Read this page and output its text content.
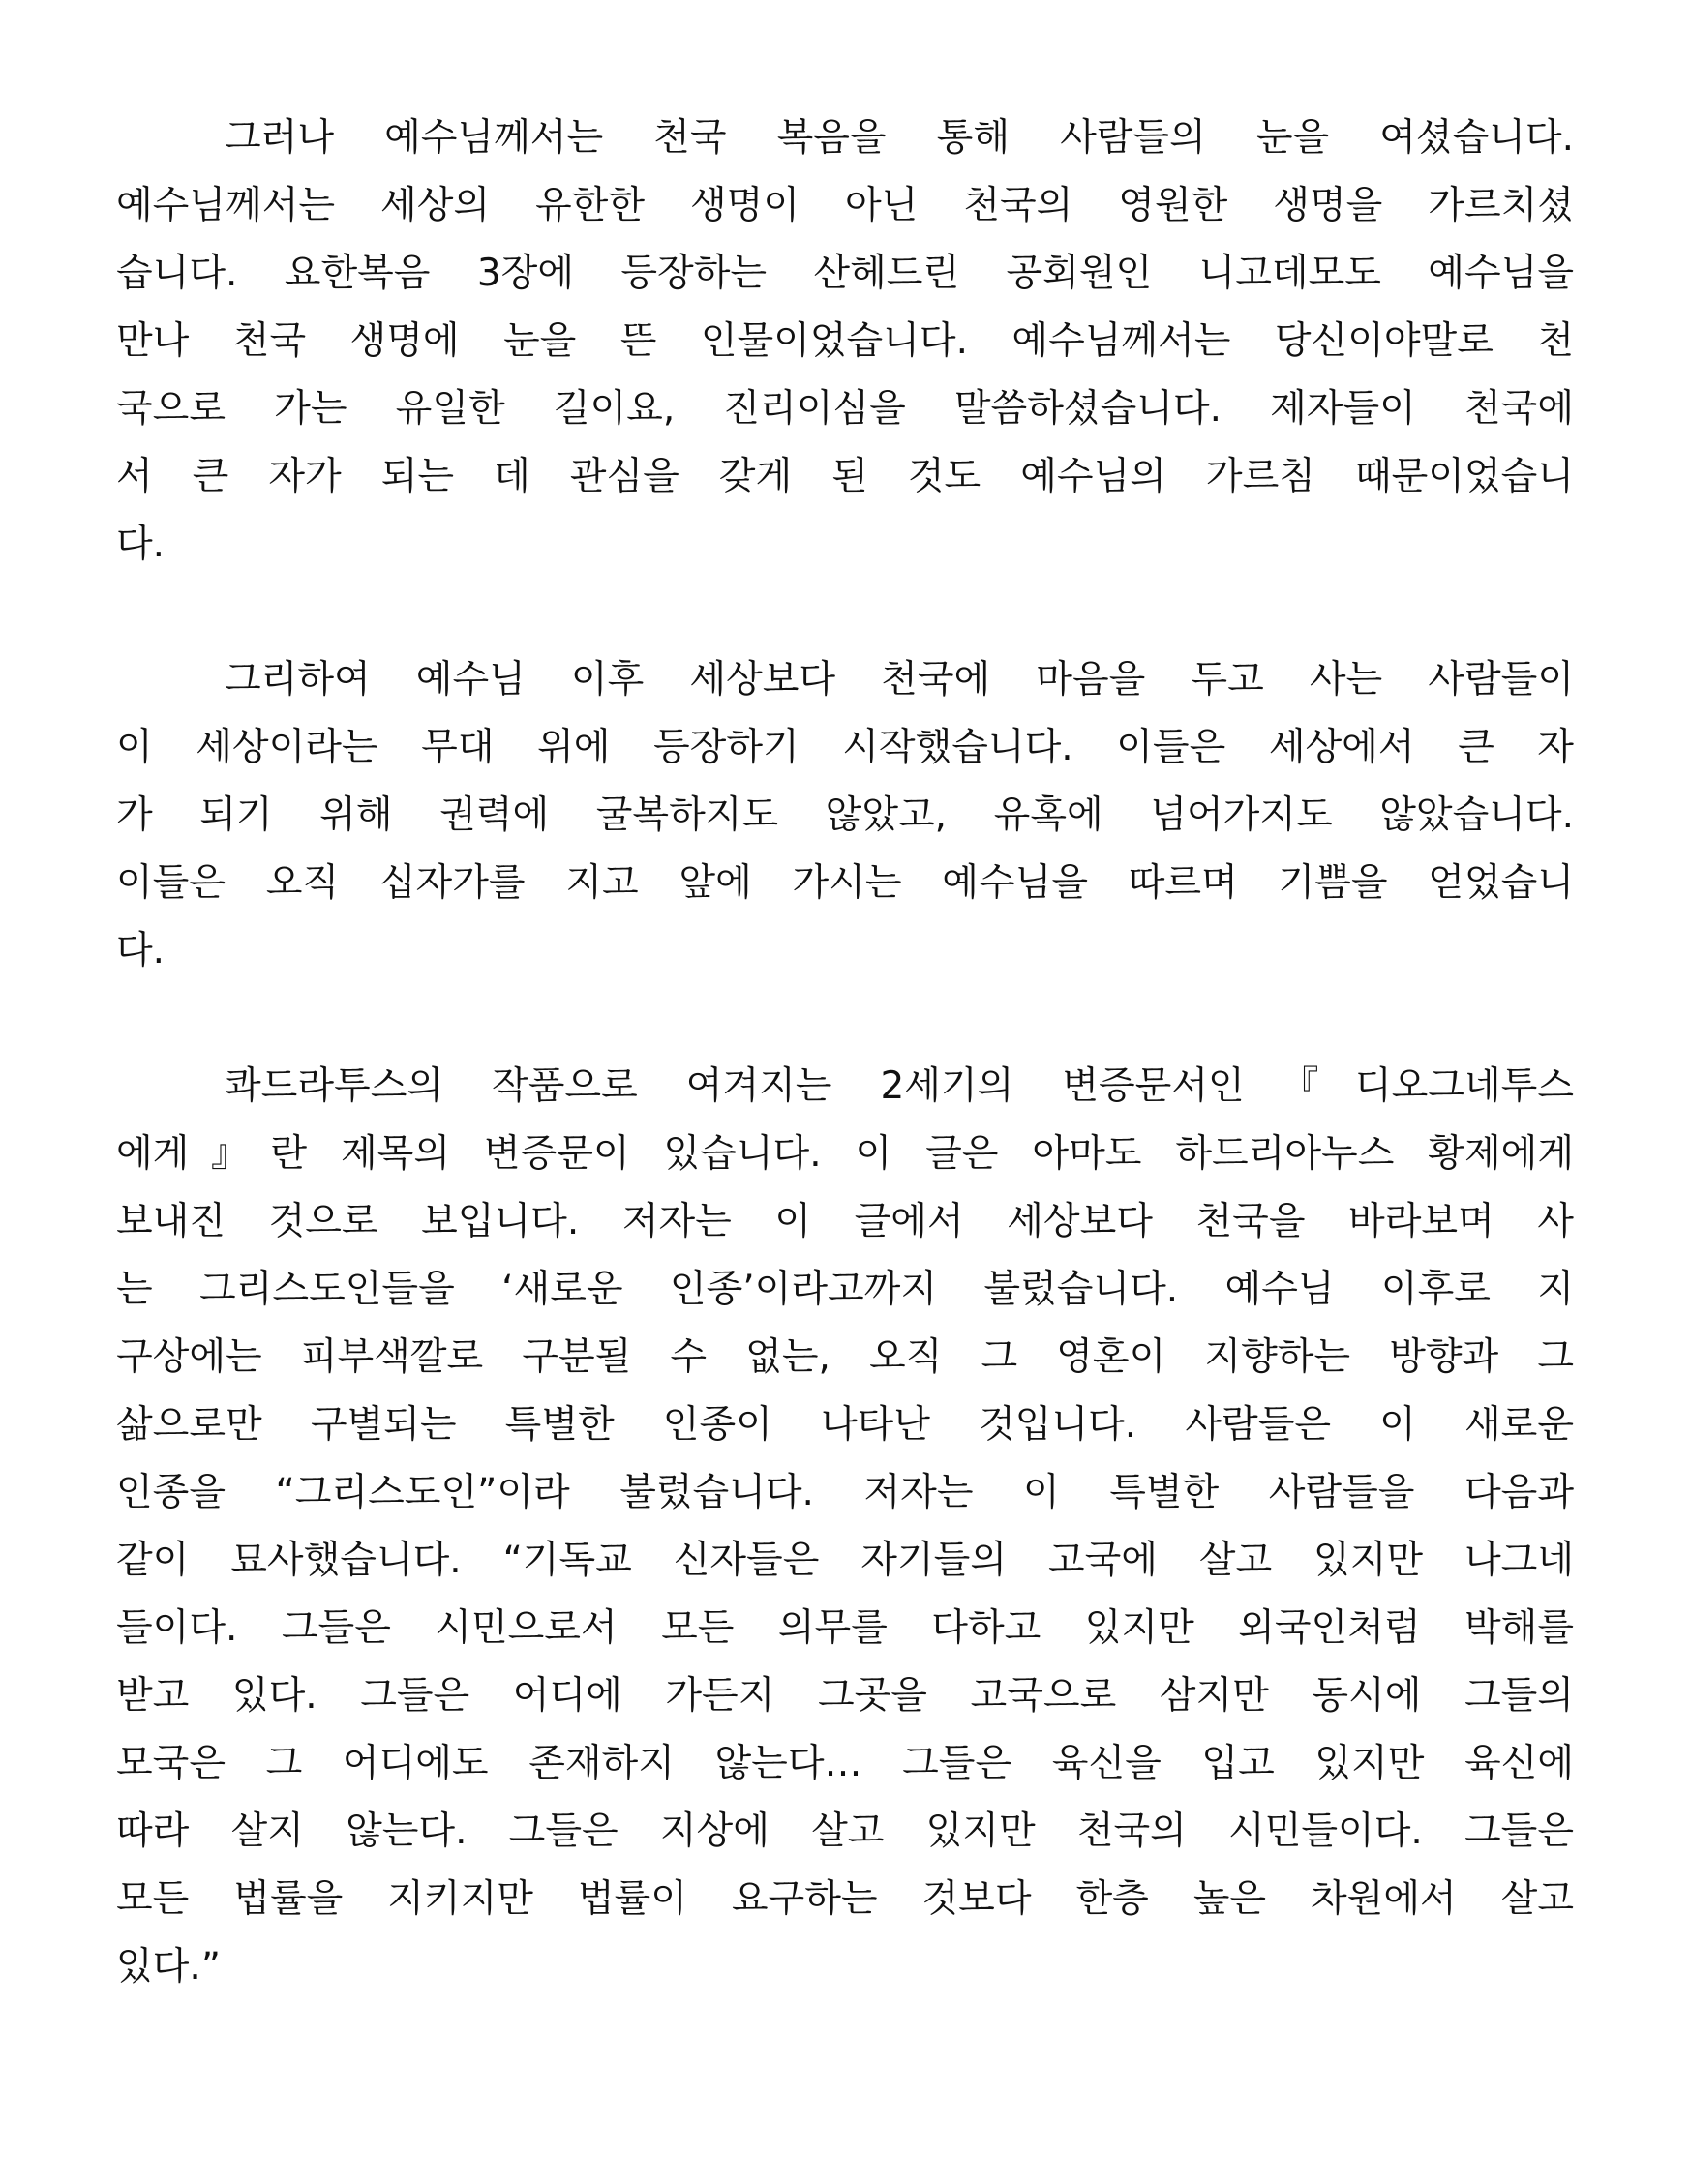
그러나 예수님께서는 천국 복음을 통해 사람들의 눈을 여셨습니다.
예수님께서는 세상의 유한한 생명이 아닌 천국의 영원한 생명을 가르치셨
습니다. 요한복음 3장에 등장하는 산헤드린 공회원인 니고데모도 예수님을
만나 천국 생명에 눈을 뜬 인물이었습니다. 예수님께서는 당신이야말로 천
국으로 가는 유일한 길이요, 진리이심을 말씀하셨습니다. 제자들이 천국에
서 큰 자가 되는 데 관심을 갖게 된 것도 예수님의 가르침 때문이었습니
다.
그리하여 예수님 이후 세상보다 천국에 마음을 두고 사는 사람들이
이 세상이라는 무대 위에 등장하기 시작했습니다. 이들은 세상에서 큰 자
가 되기 위해 권력에 굴복하지도 않았고, 유혹에 넘어가지도 않았습니다.
이들은 오직 십자가를 지고 앞에 가시는 예수님을 따르며 기쁨을 얻었습니
다.
콰드라투스의 작품으로 여겨지는 2세기의 변증문서인『디오그네투스
에게』란 제목의 변증문이 있습니다. 이 글은 아마도 하드리아누스 황제에게
보내진 것으로 보입니다. 저자는 이 글에서 세상보다 천국을 바라보며 사
는 그리스도인들을 ‘새로운 인종’이라고까지 불렀습니다. 예수님 이후로 지
구상에는 피부색깔로 구분될 수 없는, 오직 그 영혼이 지향하는 방향과 그
삶으로만 구별되는 특별한 인종이 나타난 것입니다. 사람들은 이 새로운
인종을 “그리스도인”이라 불렀습니다. 저자는 이 특별한 사람들을 다음과
같이 묘사했습니다. “기독교 신자들은 자기들의 고국에 살고 있지만 나그네
들이다. 그들은 시민으로서 모든 의무를 다하고 있지만 외국인처럼 박해를
받고 있다. 그들은 어디에 가든지 그곳을 고국으로 삼지만 동시에 그들의
모국은 그 어디에도 존재하지 않는다… 그들은 육신을 입고 있지만 육신에
따라 살지 않는다. 그들은 지상에 살고 있지만 천국의 시민들이다. 그들은
모든 법률을 지키지만 법률이 요구하는 것보다 한층 높은 차원에서 살고
있다.”
